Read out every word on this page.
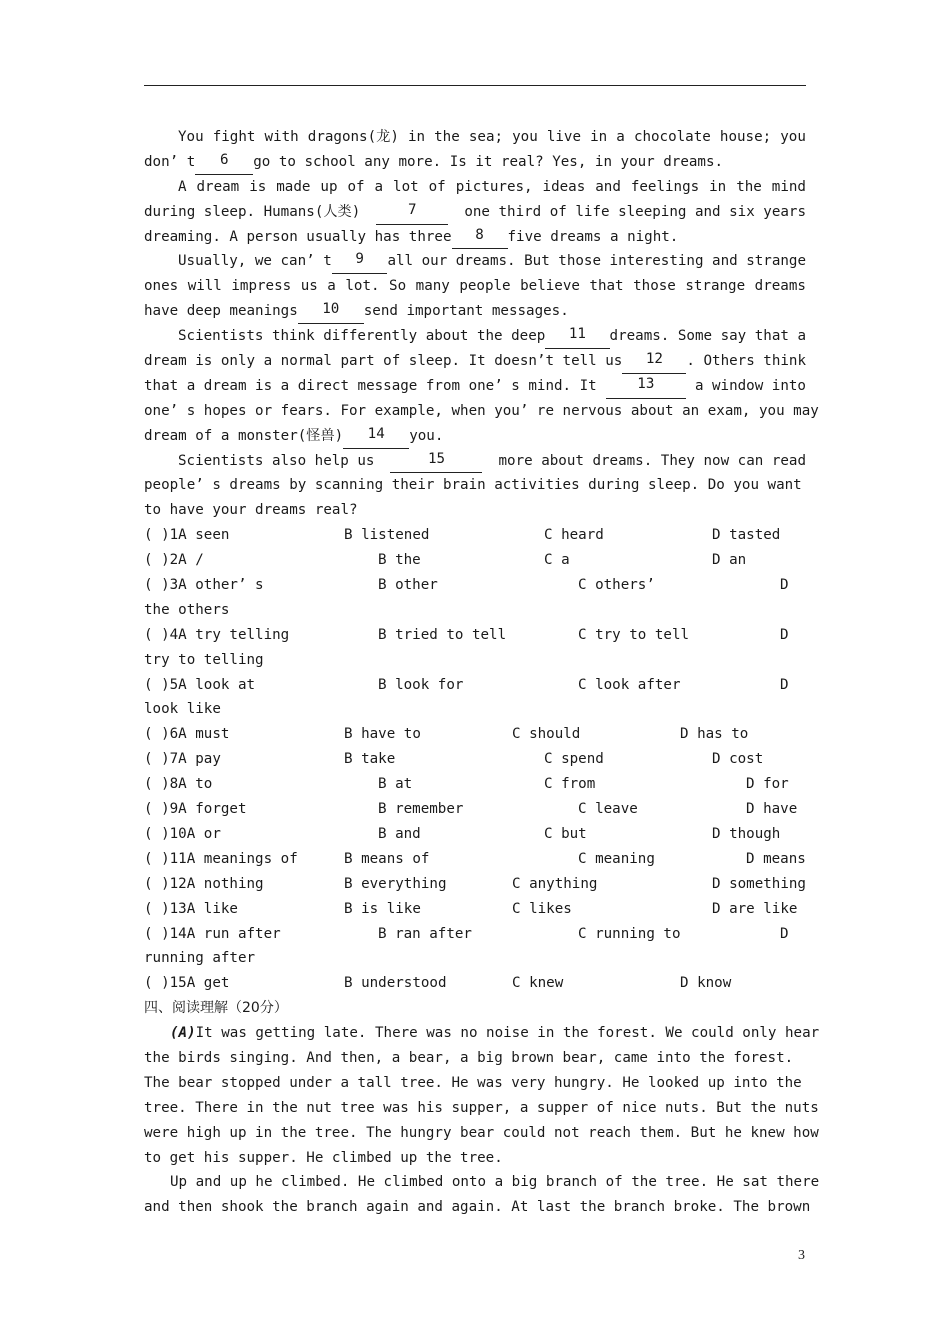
You fight with dragons(龙) in the sea; you live in a chocolate house; you
don’ t	6	go to school any more. Is it real? Yes, in your dreams.
A dream is made up of a lot of pictures, ideas and feelings in the mind
during sleep. Humans(人类)	7	one third of life sleeping and six years
dreaming. A person usually has three	8	five dreams a night.
Usually, we can’ t	9	all our dreams. But those interesting and strange
ones will impress us a lot. So many people believe that those strange dreams
have deep meanings	10	send important messages.
Scientists think differently about the deep	11	dreams. Some say that a
dream is only a normal part of sleep. It doesn’t tell us	12	. Others think
that a dream is a direct message from one’ s mind. It	13	a window into
one’ s hopes or fears. For example, when you’ re nervous about an exam, you may
dream of a monster(怪兽)	14	you.
Scientists also help us	15	more about dreams. They now can read
people’ s dreams by scanning their brain activities during sleep. Do you want
to have your dreams real?
( )1A seen	B listened	C heard	D tasted
( )2A /	B the	C a	D an
( )3A other’ s	B other	C others’	D
the others
( )4A try telling	B tried to tell	C try to tell	D
try to telling
( )5A look at	B look for	C look after	D
look like
( )6A must	B have to	C should	D has to
( )7A pay	B take	C spend	D cost
( )8A to	B at	C from	D for
( )9A forget	B remember	C leave	D have
( )10A or	B and	C but	D though
( )11A meanings of	B means of	C meaning	D means
( )12A nothing	B everything	C anything	D something
( )13A like	B is like	C likes	D are like
( )14A run after	B ran after	C running to	D
running after
( )15A get	B understood	C knew	D know
四、阅读理解（20分）
(A) It was getting late. There was no noise in the forest. We could only hear
the birds singing. And then, a bear, a big brown bear, came into the forest.
The bear stopped under a tall tree. He was very hungry. He looked up into the
tree. There in the nut tree was his supper, a supper of nice nuts. But the nuts
were high up in the tree. The hungry bear could not reach them. But he knew how
to get his supper. He climbed up the tree.
Up and up he climbed. He climbed onto a big branch of the tree. He sat there
and then shook the branch again and again. At last the branch broke. The brown
3
